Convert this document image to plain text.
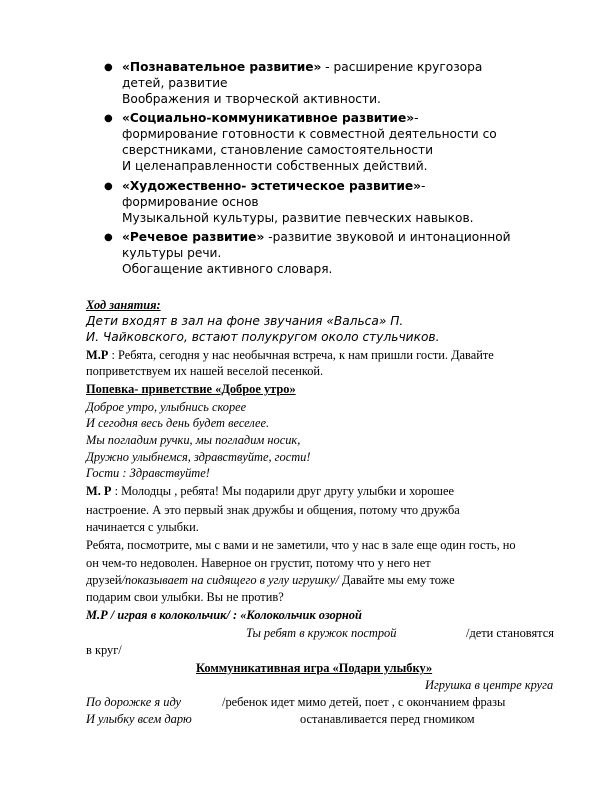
● «Познавательное развитие» - расширение кругозора
детей, развитие
Воображения и творческой активности.
● «Социально-коммуникативное развитие»-
формирование готовности к совместной деятельности со
сверстниками, становление самостоятельности
И целенаправленности собственных действий.
● «Художественно- эстетическое развитие»-
формирование основ
Музыкальной культуры, развитие певческих навыков.
● «Речевое развитие» -развитие звуковой и интонационной
культуры речи.
Обогащение активного словаря.
Ход занятия:
Дети входят в зал на фоне звучания «Вальса» П.
И. Чайковского, встают полукругом около стульчиков.
М.Р : Ребята, сегодня у нас необычная встреча, к нам пришли гости. Давайте
поприветствуем их нашей веселой песенкой.
Попевка- приветствие «Доброе утро»
Доброе утро, улыбнись скорее
И сегодня весь день будет веселее.
Мы погладим ручки, мы погладим носик,
Дружно улыбнемся, здравствуйте, гости!
Гости : Здравствуйте!
М. Р : Молодцы , ребята! Мы подарили друг другу улыбки и хорошее
настроение. А это первый знак дружбы и общения, потому что дружба
начинается с улыбки.
Ребята, посмотрите, мы с вами и не заметили, что у нас в зале еще один гость, но
он чем-то недоволен. Наверное он грустит, потому что у него нет
друзей/показывает на сидящего в углу игрушку/ Давайте мы ему тоже
подарим свои улыбки. Вы не против?
М.Р / играя в колокольчик/ : «Колокольчик озорной
Ты ребят в кружок построй	/дети становятся
в круг/
Коммуникативная игра «Подари улыбку»
Игрушка в центре круга
По дорожке я иду	/ребенок идет мимо детей, поет , с окончанием фразы
И улыбку всем дарю	останавливается перед гномиком
